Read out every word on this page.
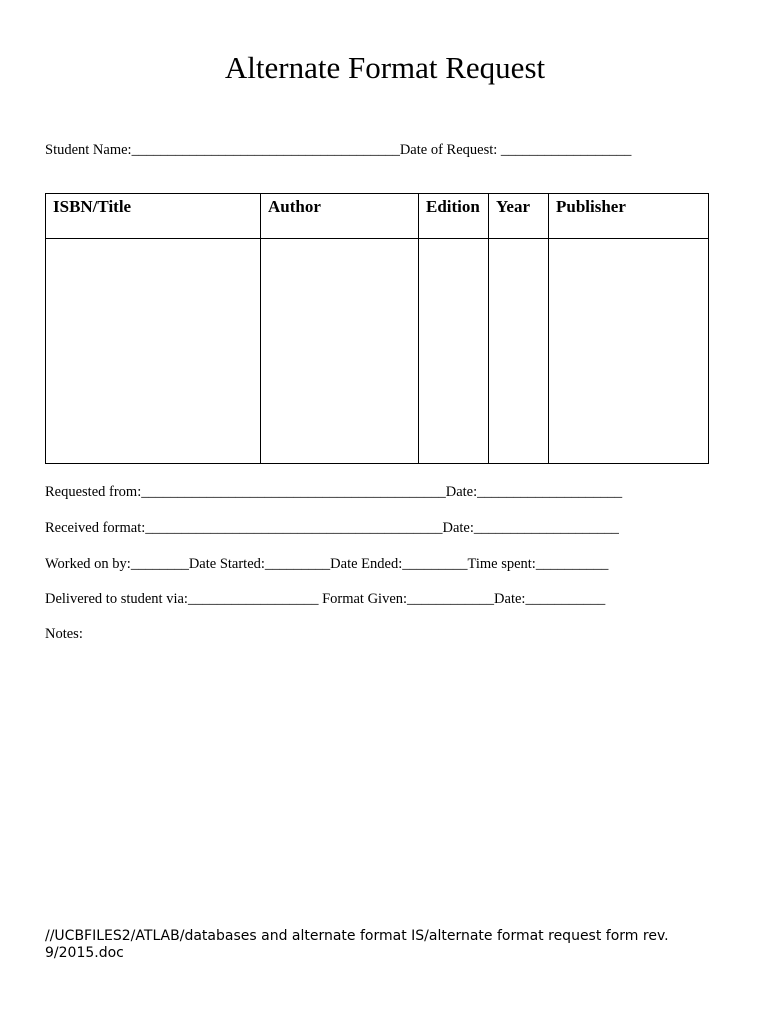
Alternate Format Request
Student Name:_____________________________________Date of Request: __________________
ISBN/Title	Author	Edition	Year	Publisher

Requested from:__________________________________________Date:____________________
Received format:_________________________________________Date:____________________
Worked on by:________Date Started:_________Date Ended:_________Time spent:__________
Delivered to student via:__________________ Format Given:____________Date:___________
Notes:
//UCBFILES2/ATLAB/databases and alternate format IS/alternate format request form rev. 9/2015.doc
